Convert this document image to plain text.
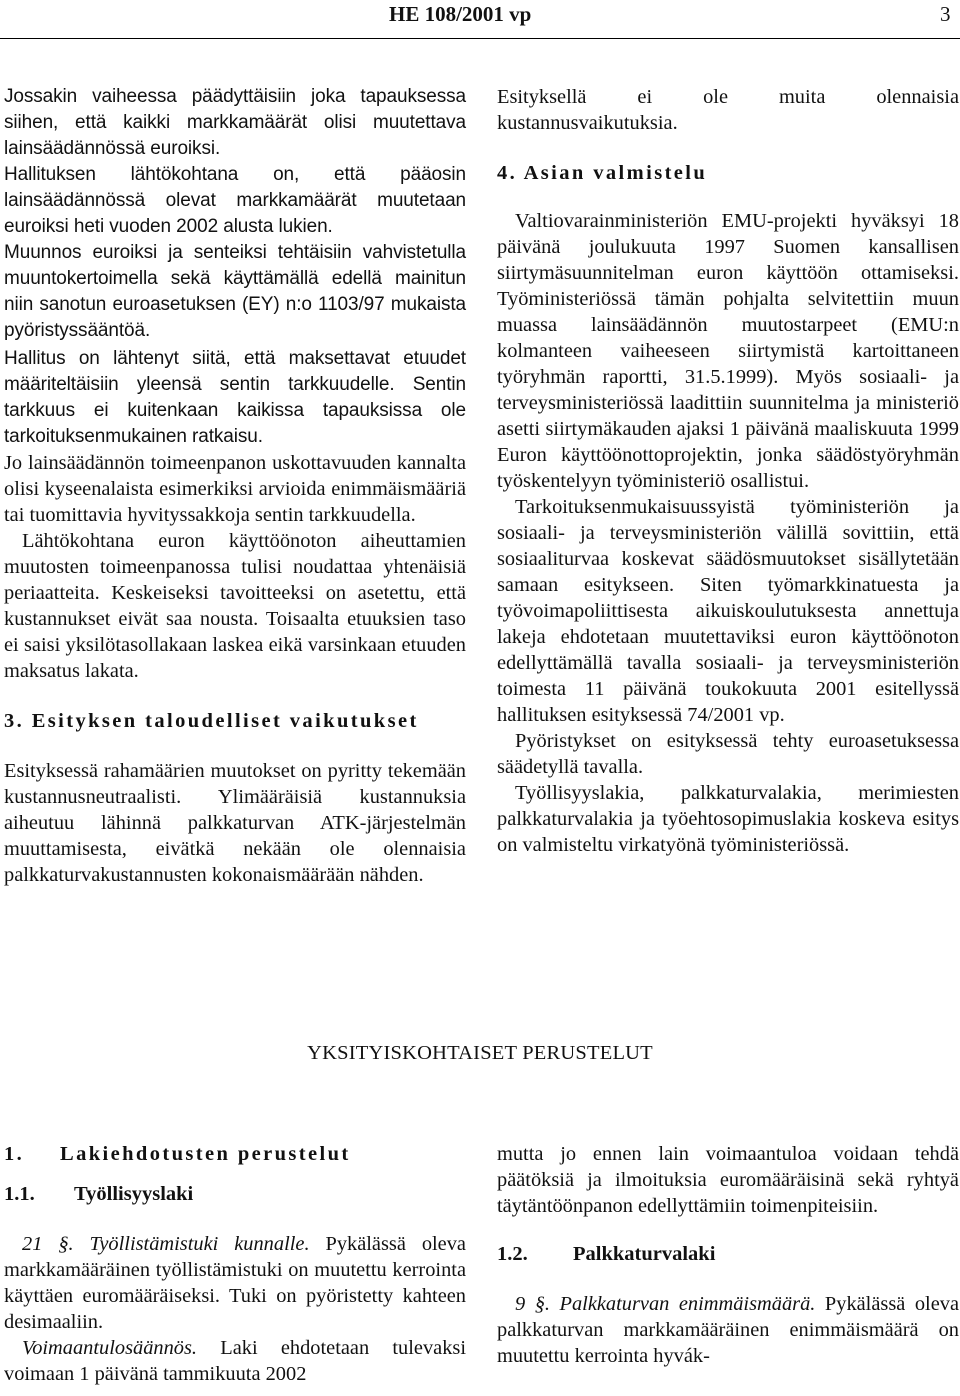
HE 108/2001 vp	3

Jossakin vaiheessa päädyttäisiin joka tapauksessa siihen, että kaikki markkamäärät olisi muutettava lainsäädännössä euroiksi.

Hallituksen lähtökohtana on, että pääosin lainsäädännössä olevat markkamäärät muutetaan euroiksi heti vuoden 2002 alusta lukien.

Muunnos euroiksi ja senteiksi tehtäisiin vahvistetulla muuntokertoimella sekä käyttämällä edellä mainitun niin sanotun euroasetuksen (EY) n:o 1103/97 mukaista pyöristyssääntöä.

Hallitus on lähtenyt siitä, että maksettavat etuudet määriteltäisiin yleensä sentin tarkkuudelle. Sentin tarkkuus ei kuitenkaan kaikissa tapauksissa ole tarkoituksenmukainen ratkaisu.

Jo lainsäädännön toimeenpanon uskottavuuden kannalta olisi kyseenalaista esimerkiksi arvioida enimmäismääriä tai tuomittavia hyvityssakkoja sentin tarkkuudella.

Lähtökohtana euron käyttöönoton aiheuttamien muutosten toimeenpanossa tulisi noudattaa yhtenäisiä periaatteita. Keskeiseksi tavoitteeksi on asetettu, että kustannukset eivät saa nousta. Toisaalta etuuksien taso ei saisi yksilötasollakaan laskea eikä varsinkaan etuuden maksatus lakata.

3. Esityksen taloudelliset vaikutukset

Esityksessä rahamäärien muutokset on pyritty tekemään kustannusneutraalisti. Ylimääräisiä kustannuksia aiheutuu lähinnä palkkaturvan ATK-järjestelmän muuttamisesta, eivätkä nekään ole olennaisia palkkaturvakustannusten kokonaismäärään nähden.

Esityksellä ei ole muita olennaisia kustannusvaikutuksia.

4. Asian valmistelu

Valtiovarainministeriön EMU-projekti hyväksyi 18 päivänä joulukuuta 1997 Suomen kansallisen siirtymäsuunnitelman euron käyttöön ottamiseksi. Työministeriössä tämän pohjalta selvitettiin muun muassa lainsäädännön muutostarpeet (EMU:n kolmanteen vaiheeseen siirtymistä kartoittaneen työryhmän raportti, 31.5.1999). Myös sosiaali- ja terveysministeriössä laadittiin suunnitelma ja ministeriö asetti siirtymäkauden ajaksi 1 päivänä maaliskuuta 1999 Euron käyttöönottoprojektin, jonka säädöstyöryhmän työskentelyyn työministeriö osallistui.

Tarkoituksenmukaisuussyistä työministeriön ja sosiaali- ja terveysministeriön välillä sovittiin, että sosiaaliturvaa koskevat säädösmuutokset sisällytetään samaan esitykseen. Siten työmarkkinatuesta ja työvoimapoliittisesta aikuiskoulutuksesta annettuja lakeja ehdotetaan muutettaviksi euron käyttöönoton edellyttämällä tavalla sosiaali- ja terveysministeriön toimesta 11 päivänä toukokuuta 2001 esitellyssä hallituksen esityksessä 74/2001 vp.

Pyöristykset on esityksessä tehty euroasetuksessa säädetyllä tavalla.

Työllisyyslakia, palkkaturvalakia, merimiesten palkkaturvalakia ja työehtosopimuslakia koskeva esitys on valmisteltu virkatyönä työministeriössä.

YKSITYISKOHTAISET PERUSTELUT

1. Lakiehdotusten perustelut

1.1. Työllisyyslaki

21 §. Työllistämistuki kunnalle. Pykälässä oleva markkamääräinen työllistämistuki on muutettu kerrointa käyttäen euromääräiseksi. Tuki on pyöristetty kahteen desimaaliin.

Voimaantulosäännös. Laki ehdotetaan tulevaksi voimaan 1 päivänä tammikuuta 2002

mutta jo ennen lain voimaantuloa voidaan tehdä päätöksiä ja ilmoituksia euromääräisinä sekä ryhtyä täytäntöönpanon edellyttämiin toimenpiteisiin.

1.2. Palkkaturvalaki

9 §. Palkkaturvan enimmäismäärä. Pykälässä oleva palkkaturvan markkamääräinen enimmäismäärä on muutettu kerrointa hyvák-
